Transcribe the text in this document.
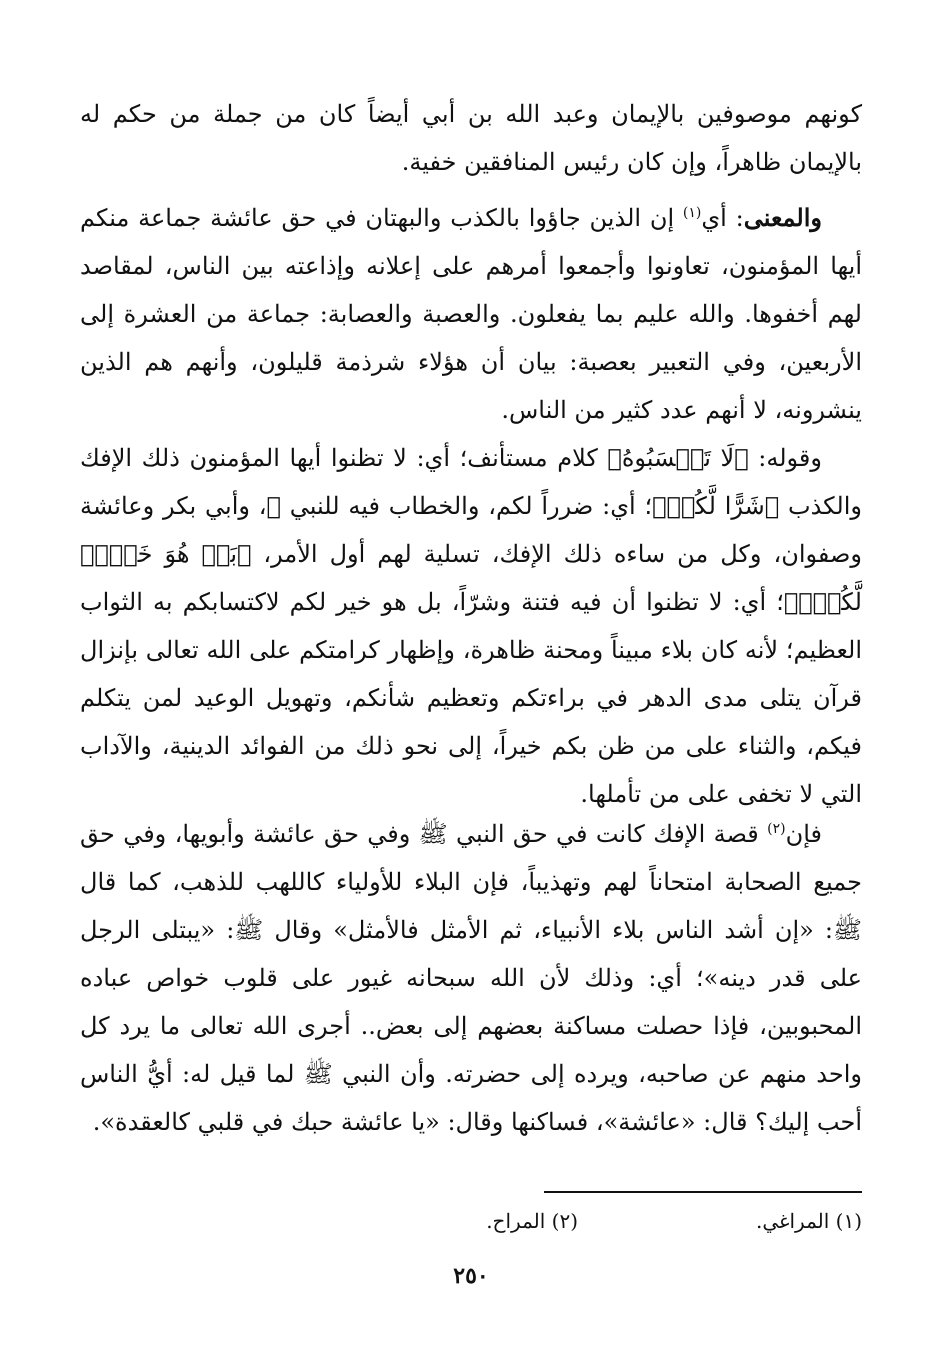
كونهم موصوفين بالإيمان وعبد الله بن أبي أيضاً كان من جملة من حكم له بالإيمان ظاهراً، وإن كان رئيس المنافقين خفية.
والمعنى: أي$^{(١)}$ إن الذين جاؤوا بالكذب والبهتان في حق عائشة جماعة منكم أيها المؤمنون، تعاونوا وأجمعوا أمرهم على إعلانه وإذاعته بين الناس، لمقاصد لهم أخفوها. والله عليم بما يفعلون. والعصبة والعصابة: جماعة من العشرة إلى الأربعين، وفي التعبير بعصبة: بيان أن هؤلاء شرذمة قليلون، وأنهم هم الذين ينشرونه، لا أنهم عدد كثير من الناس.
وقوله: ﴿لَا تَحۡسَبُوهُ﴾ كلام مستأنف؛ أي: لا تظنوا أيها المؤمنون ذلك الإفك والكذب ﴿شَرًّا لَّكُمۖ﴾؛ أي: ضرراً لكم، والخطاب فيه للنبي ﷺ، وأبي بكر وعائشة وصفوان، وكل من ساءه ذلك الإفك، تسلية لهم أول الأمر، ﴿بَلۡ هُوَ خَيۡرٞ لَّكُمۡۚ﴾؛ أي: لا تظنوا أن فيه فتنة وشرّاً، بل هو خير لكم لاكتسابكم به الثواب العظيم؛ لأنه كان بلاء مبيناً ومحنة ظاهرة، وإظهار كرامتكم على الله تعالى بإنزال قرآن يتلى مدى الدهر في براءتكم وتعظيم شأنكم، وتهويل الوعيد لمن يتكلم فيكم، والثناء على من ظن بكم خيراً، إلى نحو ذلك من الفوائد الدينية، والآداب التي لا تخفى على من تأملها.
فإن$^{(٢)}$ قصة الإفك كانت في حق النبي ﷺ وفي حق عائشة وأبويها، وفي حق جميع الصحابة امتحاناً لهم وتهذيباً، فإن البلاء للأولياء كاللهب للذهب، كما قال ﷺ: «إن أشد الناس بلاء الأنبياء، ثم الأمثل فالأمثل» وقال ﷺ: «يبتلى الرجل على قدر دينه»؛ أي: وذلك لأن الله سبحانه غيور على قلوب خواص عباده المحبوبين، فإذا حصلت مساكنة بعضهم إلى بعض.. أجرى الله تعالى ما يرد كل واحد منهم عن صاحبه، ويرده إلى حضرته. وأن النبي ﷺ لما قيل له: أيُّ الناس أحب إليك؟ قال: «عائشة»، فساكنها وقال: «يا عائشة حبك في قلبي كالعقدة».
(١) المراغي.
(٢) المراح.
٢٥٠
